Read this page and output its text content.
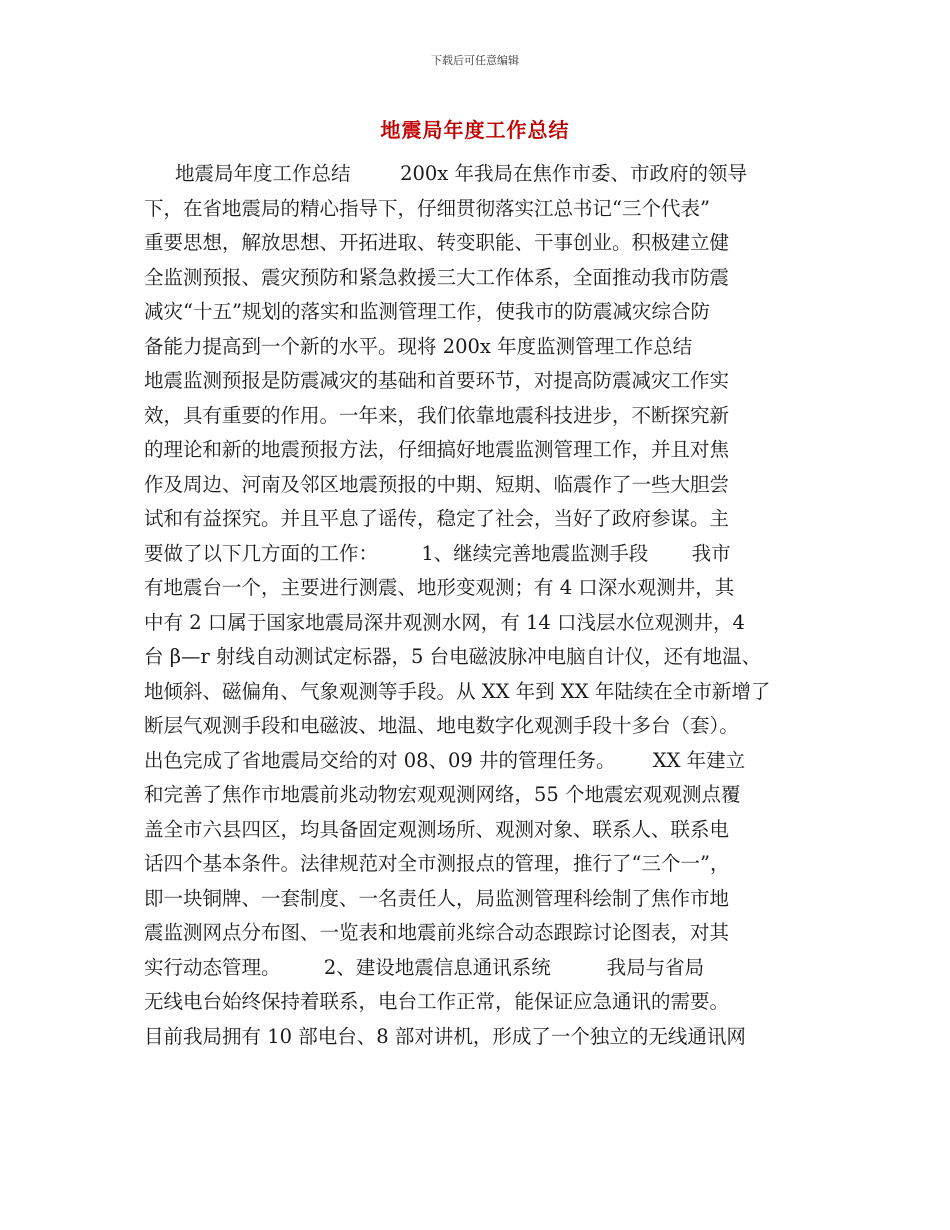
下载后可任意编辑
地震局年度工作总结
地震局年度工作总结        200x 年我局在焦作市委、市政府的领导
下，在省地震局的精心指导下，仔细贯彻落实江总书记“三个代表”
重要思想，解放思想、开拓进取、转变职能、干事创业。积极建立健
全监测预报、震灾预防和紧急救援三大工作体系，全面推动我市防震
减灾“十五”规划的落实和监测管理工作，使我市的防震减灾综合防
备能力提高到一个新的水平。现将 200x 年度监测管理工作总结
地震监测预报是防震减灾的基础和首要环节，对提高防震减灾工作实
效，具有重要的作用。一年来，我们依靠地震科技进步，不断探究新
的理论和新的地震预报方法，仔细搞好地震监测管理工作，并且对焦
作及周边、河南及邻区地震预报的中期、短期、临震作了一些大胆尝
试和有益探究。并且平息了谣传，稳定了社会，当好了政府参谋。主
要做了以下几方面的工作：       1、继续完善地震监测手段       我市
有地震台一个，主要进行测震、地形变观测；有 4 口深水观测井，其
中有 2 口属于国家地震局深井观测水网，有 14 口浅层水位观测井，4
台 β—r 射线自动测试定标器，5 台电磁波脉冲电脑自计仪，还有地温、
地倾斜、磁偏角、气象观测等手段。从 XX 年到 XX 年陆续在全市新增了
断层气观测手段和电磁波、地温、地电数字化观测手段十多台（套）。
出色完成了省地震局交给的对 08、09 井的管理任务。      XX 年建立
和完善了焦作市地震前兆动物宏观观测网络，55 个地震宏观观测点覆
盖全市六县四区，均具备固定观测场所、观测对象、联系人、联系电
话四个基本条件。法律规范对全市测报点的管理，推行了“三个一”，
即一块铜牌、一套制度、一名责任人，局监测管理科绘制了焦作市地
震监测网点分布图、一览表和地震前兆综合动态跟踪讨论图表，对其
实行动态管理。       2、建设地震信息通讯系统         我局与省局
无线电台始终保持着联系，电台工作正常，能保证应急通讯的需要。
目前我局拥有 10 部电台、8 部对讲机，形成了一个独立的无线通讯网
